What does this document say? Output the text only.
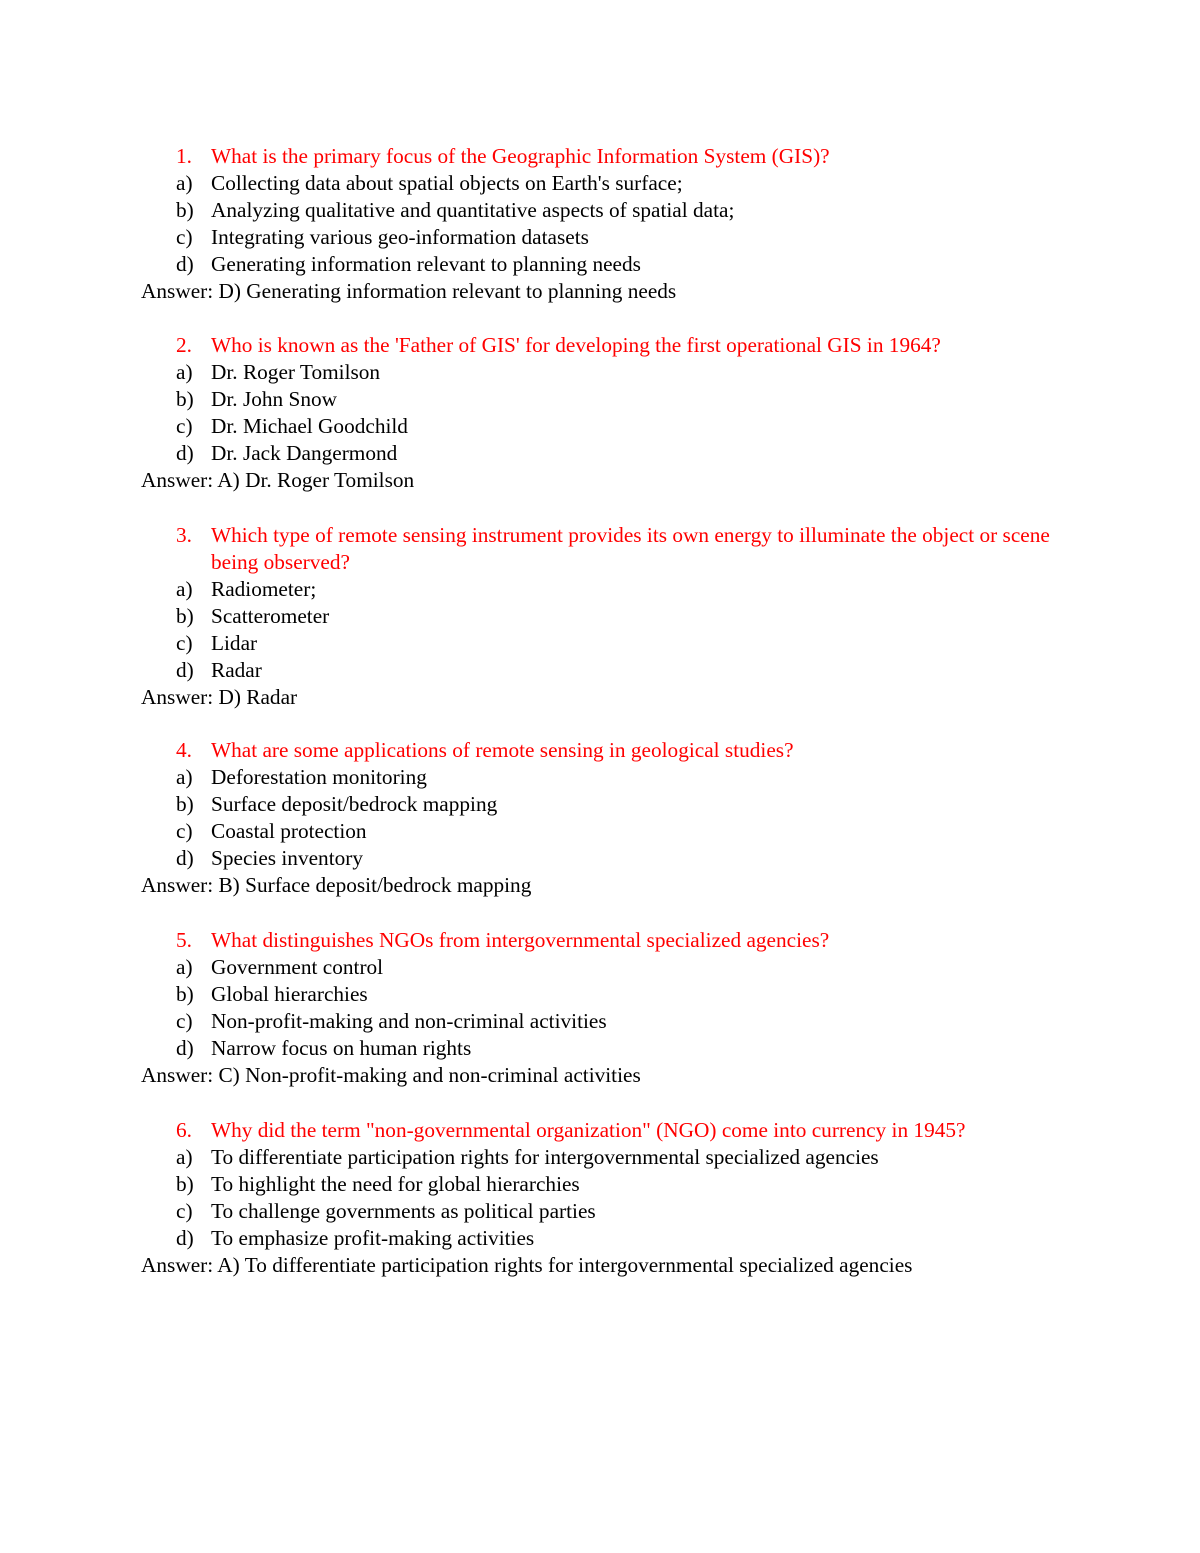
1. What is the primary focus of the Geographic Information System (GIS)?
a) Collecting data about spatial objects on Earth's surface;
b) Analyzing qualitative and quantitative aspects of spatial data;
c) Integrating various geo-information datasets
d) Generating information relevant to planning needs
Answer: D) Generating information relevant to planning needs
2. Who is known as the 'Father of GIS' for developing the first operational GIS in 1964?
a) Dr. Roger Tomilson
b) Dr. John Snow
c) Dr. Michael Goodchild
d) Dr. Jack Dangermond
Answer: A) Dr. Roger Tomilson
3. Which type of remote sensing instrument provides its own energy to illuminate the object or scene being observed?
a) Radiometer;
b) Scatterometer
c) Lidar
d) Radar
Answer: D) Radar
4. What are some applications of remote sensing in geological studies?
a) Deforestation monitoring
b) Surface deposit/bedrock mapping
c) Coastal protection
d) Species inventory
Answer: B) Surface deposit/bedrock mapping
5. What distinguishes NGOs from intergovernmental specialized agencies?
a) Government control
b) Global hierarchies
c) Non-profit-making and non-criminal activities
d) Narrow focus on human rights
Answer: C) Non-profit-making and non-criminal activities
6. Why did the term "non-governmental organization" (NGO) come into currency in 1945?
a) To differentiate participation rights for intergovernmental specialized agencies
b) To highlight the need for global hierarchies
c) To challenge governments as political parties
d) To emphasize profit-making activities
Answer: A) To differentiate participation rights for intergovernmental specialized agencies
